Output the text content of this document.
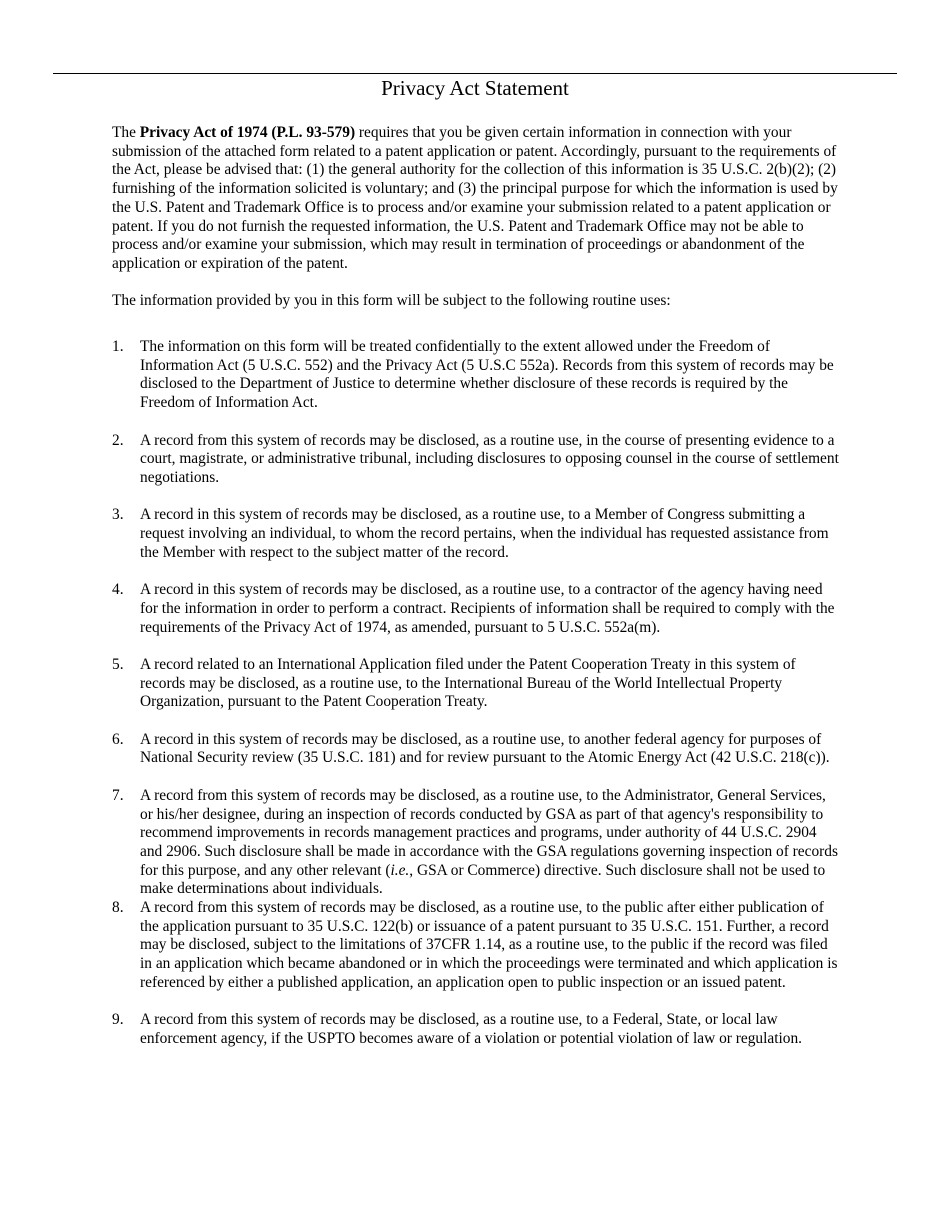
Privacy Act Statement

The Privacy Act of 1974 (P.L. 93-579) requires that you be given certain information in connection with your submission of the attached form related to a patent application or patent. Accordingly, pursuant to the requirements of the Act, please be advised that: (1) the general authority for the collection of this information is 35 U.S.C. 2(b)(2); (2) furnishing of the information solicited is voluntary; and (3) the principal purpose for which the information is used by the U.S. Patent and Trademark Office is to process and/or examine your submission related to a patent application or patent. If you do not furnish the requested information, the U.S. Patent and Trademark Office may not be able to process and/or examine your submission, which may result in termination of proceedings or abandonment of the application or expiration of the patent.

The information provided by you in this form will be subject to the following routine uses:

1. The information on this form will be treated confidentially to the extent allowed under the Freedom of Information Act (5 U.S.C. 552) and the Privacy Act (5 U.S.C 552a). Records from this system of records may be disclosed to the Department of Justice to determine whether disclosure of these records is required by the Freedom of Information Act.
2. A record from this system of records may be disclosed, as a routine use, in the course of presenting evidence to a court, magistrate, or administrative tribunal, including disclosures to opposing counsel in the course of settlement negotiations.
3. A record in this system of records may be disclosed, as a routine use, to a Member of Congress submitting a request involving an individual, to whom the record pertains, when the individual has requested assistance from the Member with respect to the subject matter of the record.
4. A record in this system of records may be disclosed, as a routine use, to a contractor of the agency having need for the information in order to perform a contract. Recipients of information shall be required to comply with the requirements of the Privacy Act of 1974, as amended, pursuant to 5 U.S.C. 552a(m).
5. A record related to an International Application filed under the Patent Cooperation Treaty in this system of records may be disclosed, as a routine use, to the International Bureau of the World Intellectual Property Organization, pursuant to the Patent Cooperation Treaty.
6. A record in this system of records may be disclosed, as a routine use, to another federal agency for purposes of National Security review (35 U.S.C. 181) and for review pursuant to the Atomic Energy Act (42 U.S.C. 218(c)).
7. A record from this system of records may be disclosed, as a routine use, to the Administrator, General Services, or his/her designee, during an inspection of records conducted by GSA as part of that agency's responsibility to recommend improvements in records management practices and programs, under authority of 44 U.S.C. 2904 and 2906. Such disclosure shall be made in accordance with the GSA regulations governing inspection of records for this purpose, and any other relevant (i.e., GSA or Commerce) directive. Such disclosure shall not be used to make determinations about individuals.
8. A record from this system of records may be disclosed, as a routine use, to the public after either publication of the application pursuant to 35 U.S.C. 122(b) or issuance of a patent pursuant to 35 U.S.C. 151. Further, a record may be disclosed, subject to the limitations of 37CFR 1.14, as a routine use, to the public if the record was filed in an application which became abandoned or in which the proceedings were terminated and which application is referenced by either a published application, an application open to public inspection or an issued patent.
9. A record from this system of records may be disclosed, as a routine use, to a Federal, State, or local law enforcement agency, if the USPTO becomes aware of a violation or potential violation of law or regulation.
